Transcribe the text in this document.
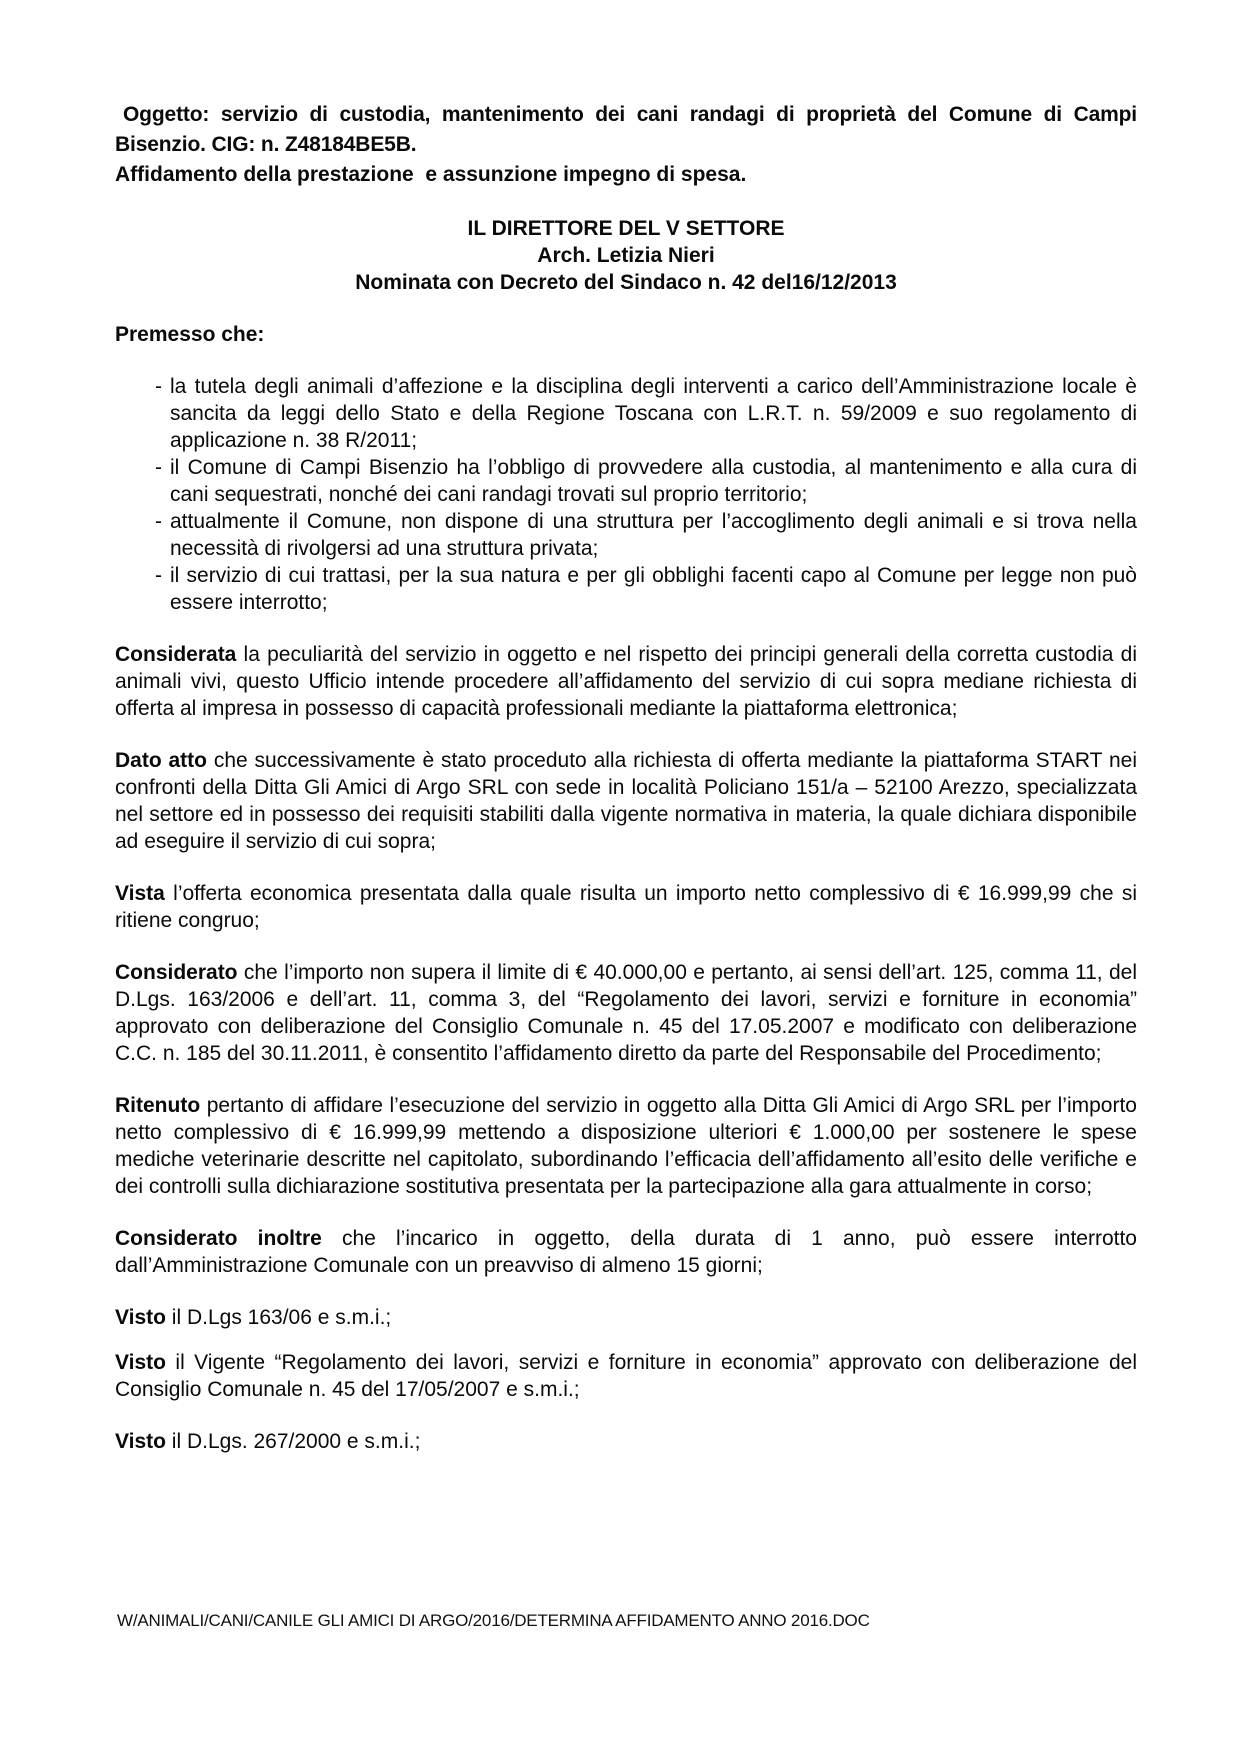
Oggetto: servizio di custodia, mantenimento dei cani randagi di proprietà del Comune di Campi Bisenzio. CIG: n. Z48184BE5B.

Affidamento della prestazione  e assunzione impegno di spesa.

IL DIRETTORE DEL V SETTORE

Arch. Letizia Nieri

Nominata con Decreto del Sindaco n. 42 del16/12/2013

Premesso che:

- la tutela degli animali d’affezione e la disciplina degli interventi a carico dell’Amministrazione locale è sancita da leggi dello Stato e della Regione Toscana con L.R.T. n. 59/2009 e suo regolamento di applicazione n. 38 R/2011;
- il Comune di Campi Bisenzio ha l’obbligo di provvedere alla custodia, al mantenimento e alla cura di cani sequestrati, nonché dei cani randagi trovati sul proprio territorio;
- attualmente il Comune, non dispone di una struttura per l’accoglimento degli animali e si trova nella necessità di rivolgersi ad una struttura privata;
- il servizio di cui trattasi, per la sua natura e per gli obblighi facenti capo al Comune per legge non può essere interrotto;

Considerata la peculiarità del servizio in oggetto e nel rispetto dei principi generali della corretta custodia di animali vivi, questo Ufficio intende procedere all’affidamento del servizio di cui sopra mediane richiesta di offerta al impresa in possesso di capacità professionali mediante la piattaforma elettronica;

Dato atto che successivamente è stato proceduto alla richiesta di offerta mediante la piattaforma START nei confronti della Ditta Gli Amici di Argo SRL con sede in località Policiano 151/a – 52100 Arezzo, specializzata nel settore ed in possesso dei requisiti stabiliti dalla vigente normativa in materia, la quale dichiara disponibile ad eseguire il servizio di cui sopra;

Vista l’offerta economica presentata dalla quale risulta un importo netto complessivo di € 16.999,99 che si ritiene congruo;

Considerato che l’importo non supera il limite di € 40.000,00 e pertanto, ai sensi dell’art. 125, comma 11, del D.Lgs. 163/2006 e dell’art. 11, comma 3, del “Regolamento dei lavori, servizi e forniture in economia” approvato con deliberazione del Consiglio Comunale n. 45 del 17.05.2007 e modificato con deliberazione C.C. n. 185 del 30.11.2011, è consentito l’affidamento diretto da parte del Responsabile del Procedimento;

Ritenuto pertanto di affidare l’esecuzione del servizio in oggetto alla Ditta Gli Amici di Argo SRL per l’importo netto complessivo di € 16.999,99 mettendo a disposizione ulteriori € 1.000,00 per sostenere le spese mediche veterinarie descritte nel capitolato, subordinando l’efficacia dell’affidamento all’esito delle verifiche e dei controlli sulla dichiarazione sostitutiva presentata per la partecipazione alla gara attualmente in corso;

Considerato inoltre che l’incarico in oggetto, della durata di 1 anno, può essere interrotto dall’Amministrazione Comunale con un preavviso di almeno 15 giorni;

Visto il D.Lgs 163/06 e s.m.i.;

Visto il Vigente “Regolamento dei lavori, servizi e forniture in economia” approvato con deliberazione del Consiglio Comunale n. 45 del 17/05/2007 e s.m.i.;

Visto il D.Lgs. 267/2000 e s.m.i.;

W/ANIMALI/CANI/CANILE GLI AMICI DI ARGO/2016/DETERMINA AFFIDAMENTO ANNO 2016.DOC
